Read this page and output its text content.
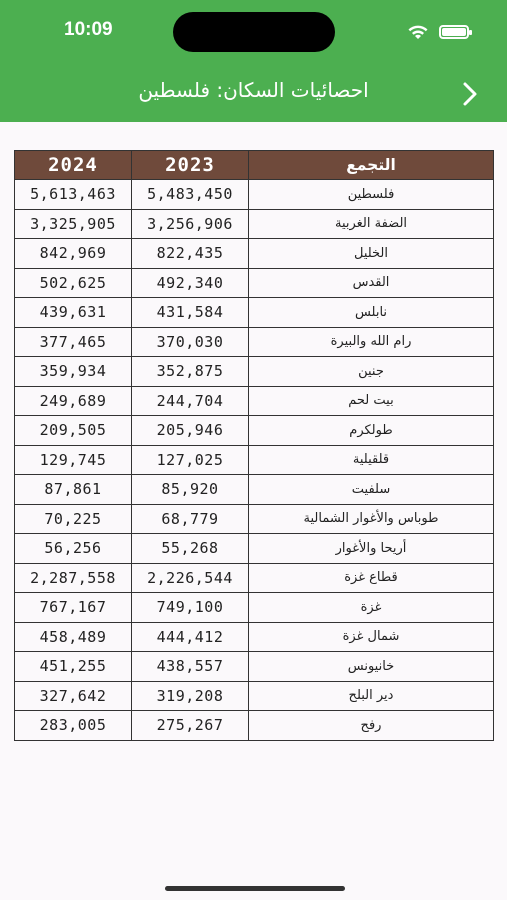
10:09
احصائيات السكان: فلسطين
2024	2023	التجمع
5,613,463	5,483,450	فلسطين
3,325,905	3,256,906	الضفة الغربية
842,969	822,435	الخليل
502,625	492,340	القدس
439,631	431,584	نابلس
377,465	370,030	رام الله والبيرة
359,934	352,875	جنين
249,689	244,704	بيت لحم
209,505	205,946	طولكرم
129,745	127,025	قلقيلية
87,861	85,920	سلفيت
70,225	68,779	طوباس والأغوار الشمالية
56,256	55,268	أريحا والأغوار
2,287,558	2,226,544	قطاع غزة
767,167	749,100	غزة
458,489	444,412	شمال غزة
451,255	438,557	خانيونس
327,642	319,208	دير البلح
283,005	275,267	رفح
